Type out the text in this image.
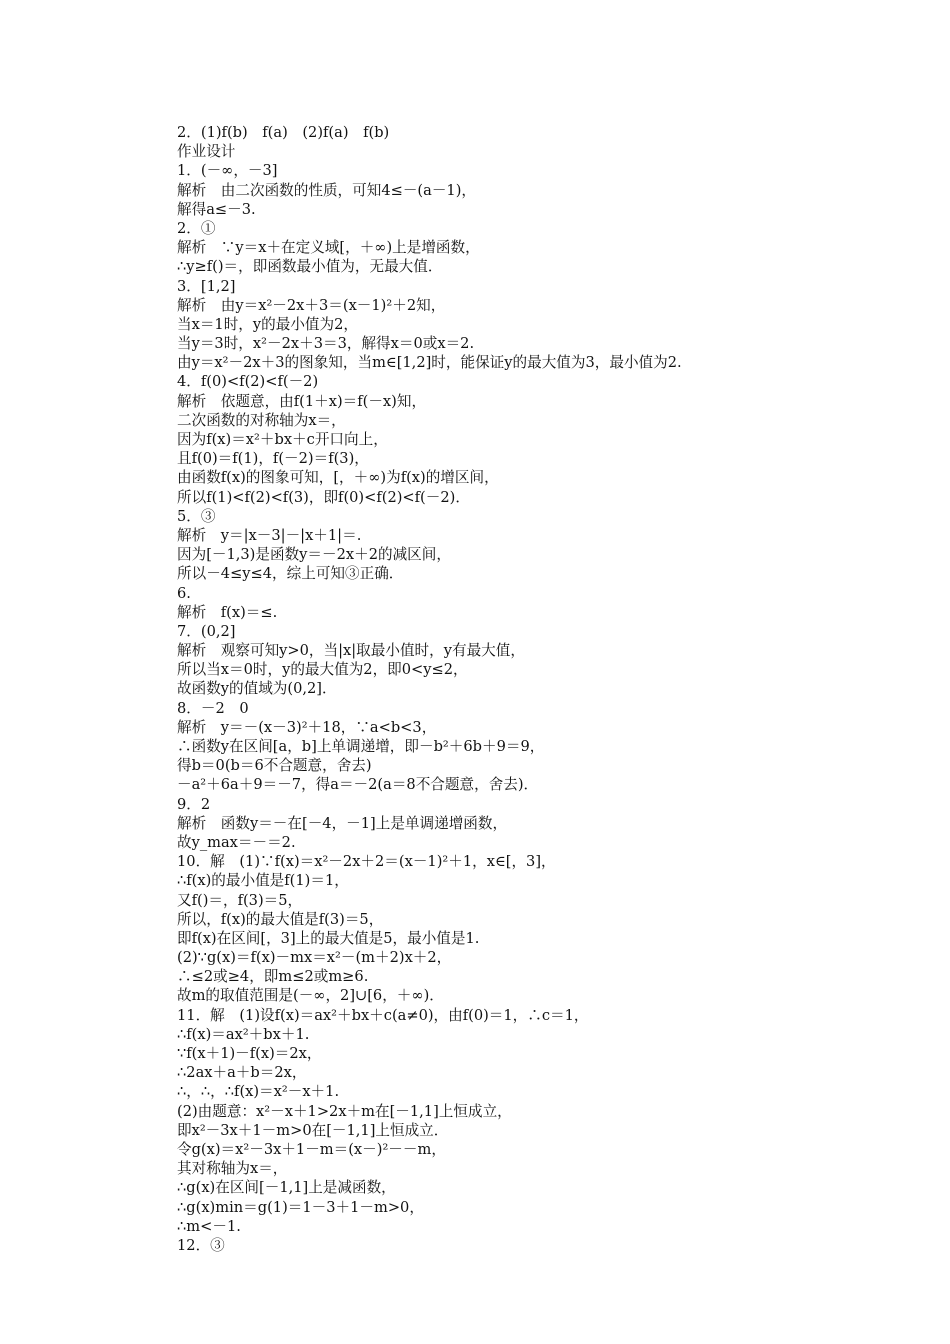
2．(1)f(b)　f(a)　(2)f(a)　f(b)
作业设计
1．(－∞，－3]
解析　由二次函数的性质，可知4≤－(a－1)，
解得a≤－3.
2．①
解析　∵y＝x＋在定义域[，＋∞)上是增函数，
∴y≥f()＝，即函数最小值为，无最大值．
3．[1,2]
解析　由y＝x²－2x＋3＝(x－1)²＋2知，
当x＝1时，y的最小值为2，
当y＝3时，x²－2x＋3＝3，解得x＝0或x＝2.
由y＝x²－2x＋3的图象知，当m∈[1,2]时，能保证y的最大值为3，最小值为2.
4．f(0)<f(2)<f(－2)
解析　依题意，由f(1＋x)＝f(－x)知，
二次函数的对称轴为x＝，
因为f(x)＝x²＋bx＋c开口向上，
且f(0)＝f(1)，f(－2)＝f(3)，
由函数f(x)的图象可知，[，＋∞)为f(x)的增区间，
所以f(1)<f(2)<f(3)，即f(0)<f(2)<f(－2)．
5．③
解析　y＝|x－3|－|x＋1|＝.
因为[－1,3)是函数y＝－2x＋2的减区间，
所以－4≤y≤4，综上可知③正确．
6.
解析　f(x)＝≤.
7．(0,2]
解析　观察可知y>0，当|x|取最小值时，y有最大值，
所以当x＝0时，y的最大值为2，即0<y≤2，
故函数y的值域为(0,2]．
8．－2　0
解析　y＝－(x－3)²＋18，∵a<b<3，
∴函数y在区间[a，b]上单调递增，即－b²＋6b＋9＝9，
得b＝0(b＝6不合题意，舍去)
－a²＋6a＋9＝－7，得a＝－2(a＝8不合题意，舍去)．
9．2
解析　函数y＝－在[－4，－1]上是单调递增函数，
故y_max＝－＝2.
10．解　(1)∵f(x)＝x²－2x＋2＝(x－1)²＋1，x∈[，3]，
∴f(x)的最小值是f(1)＝1，
又f()＝，f(3)＝5，
所以，f(x)的最大值是f(3)＝5，
即f(x)在区间[，3]上的最大值是5，最小值是1.
(2)∵g(x)＝f(x)－mx＝x²－(m＋2)x＋2，
∴≤2或≥4，即m≤2或m≥6.
故m的取值范围是(－∞，2]∪[6，＋∞)．
11．解　(1)设f(x)＝ax²＋bx＋c(a≠0)，由f(0)＝1，∴c＝1，
∴f(x)＝ax²＋bx＋1.
∵f(x＋1)－f(x)＝2x，
∴2ax＋a＋b＝2x，
∴，∴，∴f(x)＝x²－x＋1.
(2)由题意：x²－x＋1>2x＋m在[－1,1]上恒成立，
即x²－3x＋1－m>0在[－1,1]上恒成立．
令g(x)＝x²－3x＋1－m＝(x－)²－－m，
其对称轴为x＝，
∴g(x)在区间[－1,1]上是减函数，
∴g(x)min＝g(1)＝1－3＋1－m>0，
∴m<－1.
12．③
